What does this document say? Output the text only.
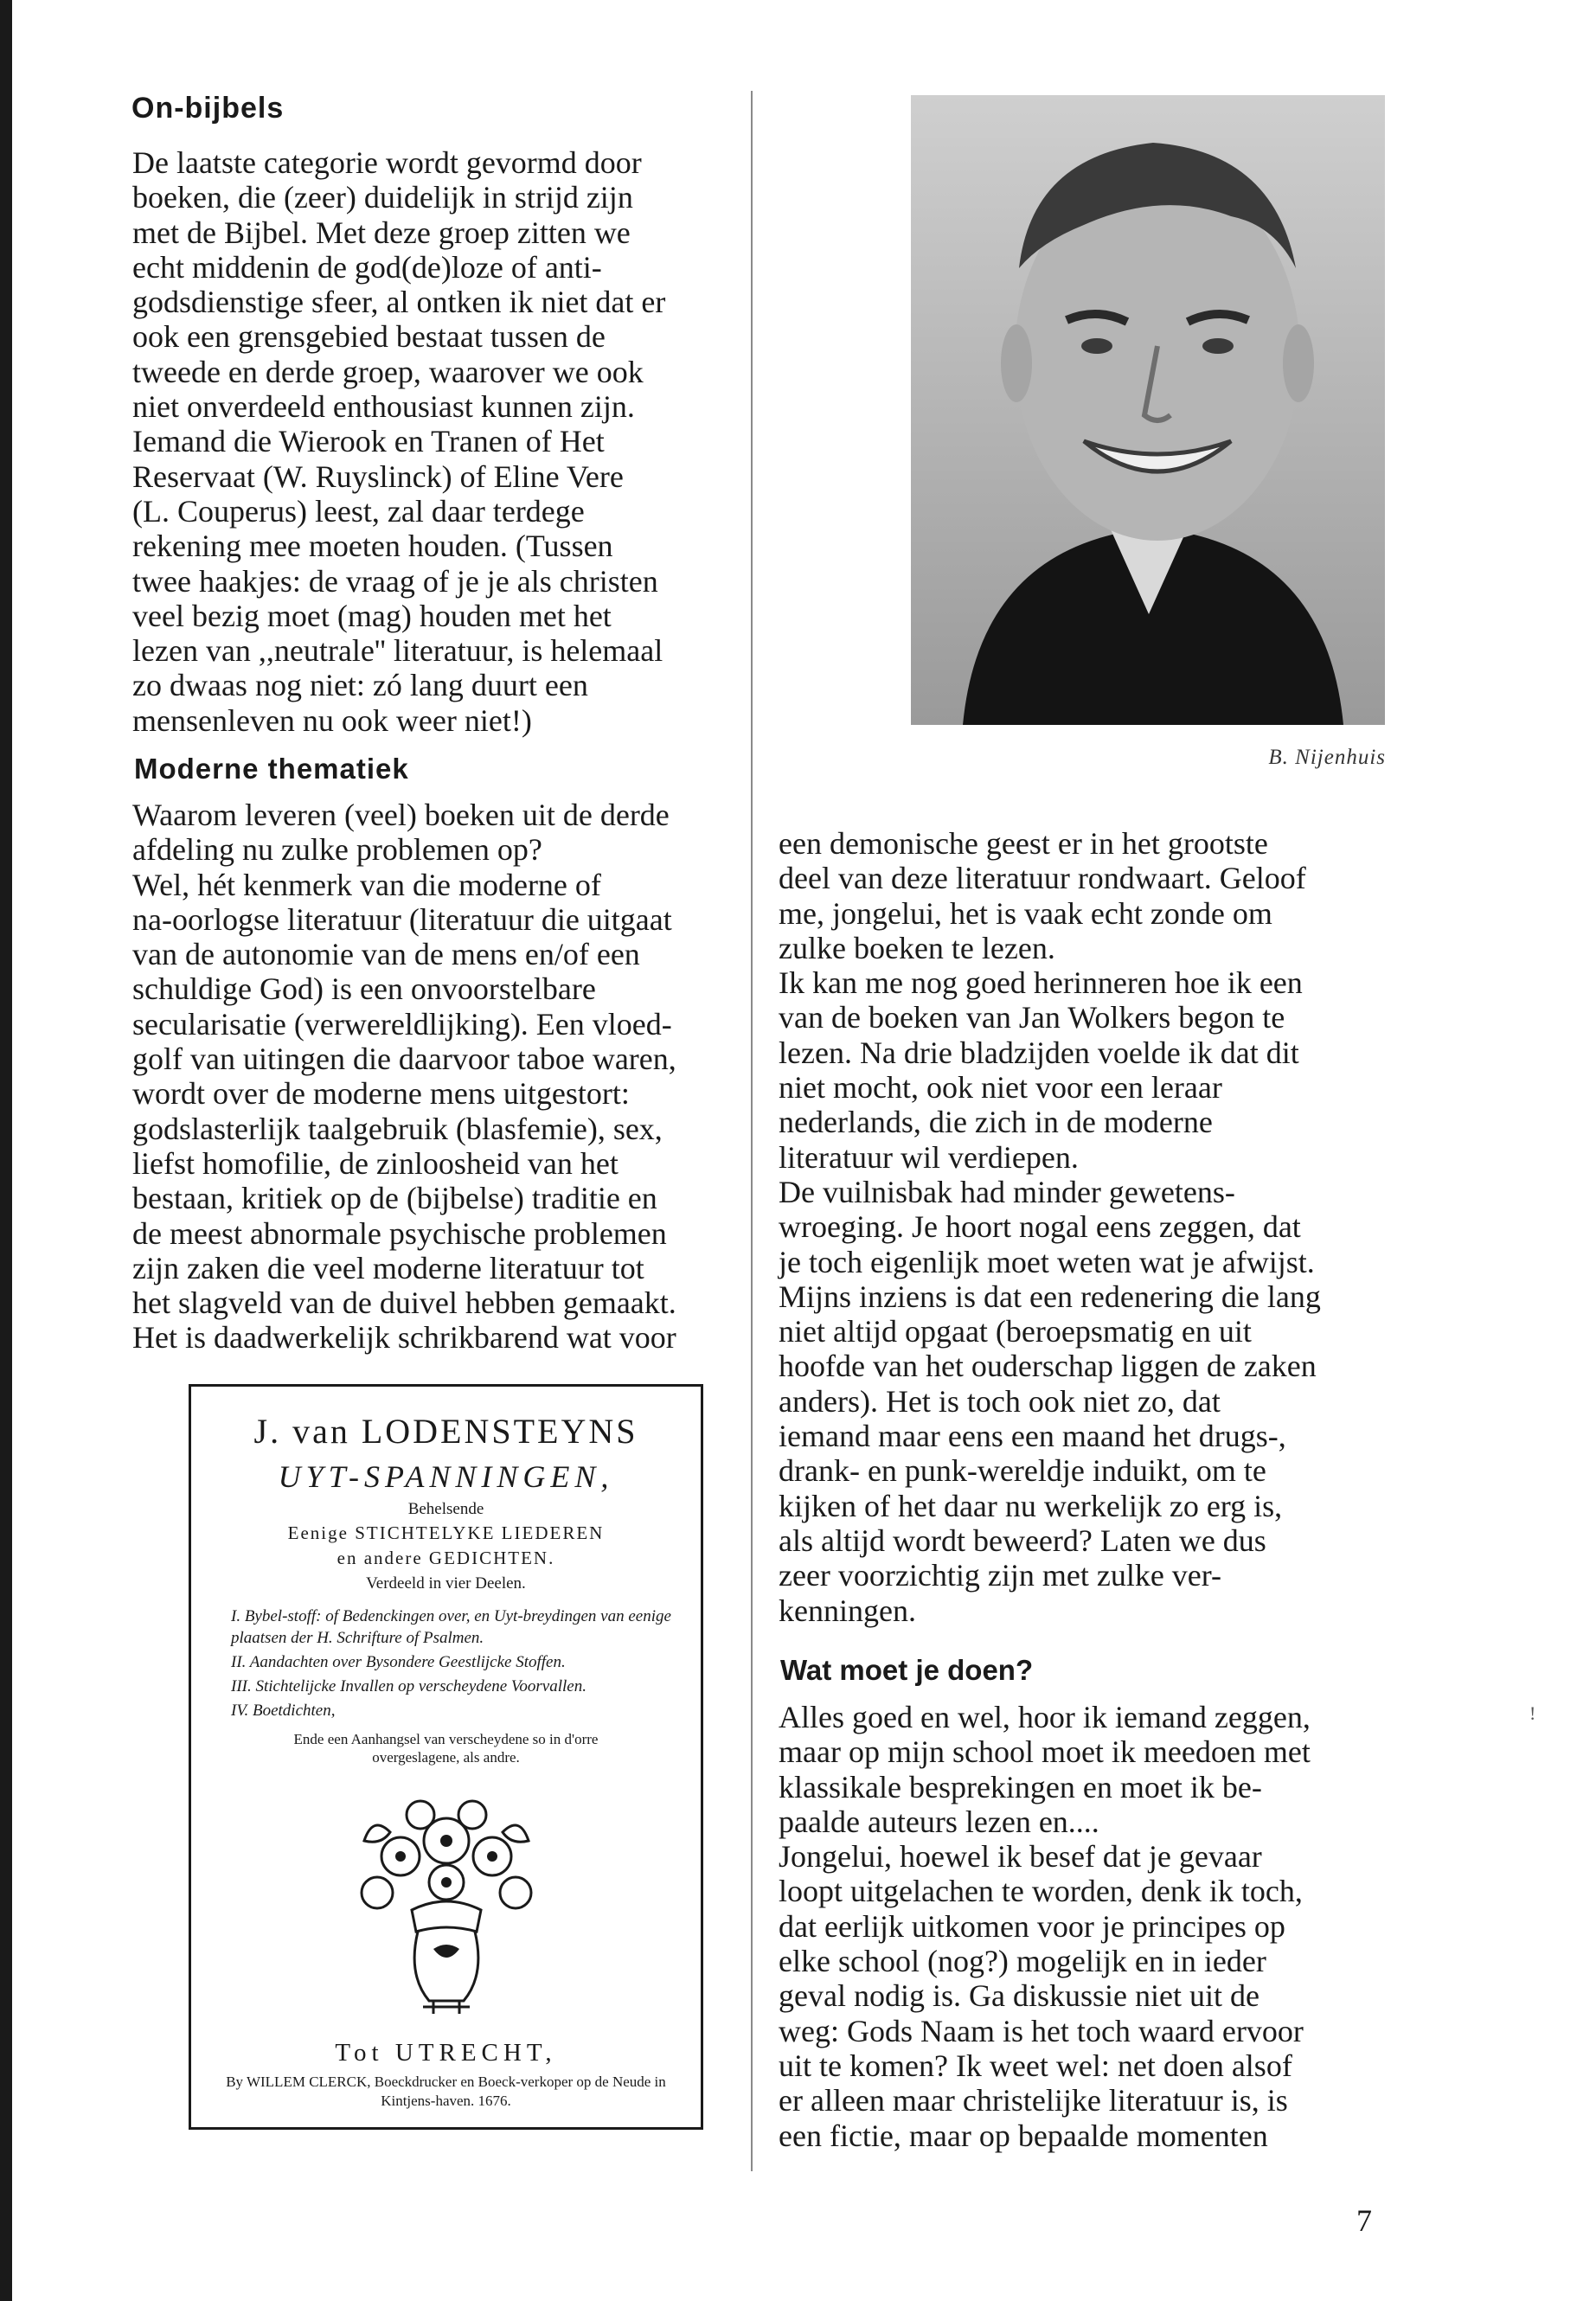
On-bijbels

De laatste categorie wordt gevormd door
boeken, die (zeer) duidelijk in strijd zijn
met de Bijbel. Met deze groep zitten we
echt middenin de god(de)loze of anti-
godsdienstige sfeer, al ontken ik niet dat er
ook een grensgebied bestaat tussen de
tweede en derde groep, waarover we ook
niet onverdeeld enthousiast kunnen zijn.
Iemand die Wierook en Tranen of Het
Reservaat (W. Ruyslinck) of Eline Vere
(L. Couperus) leest, zal daar terdege
rekening mee moeten houden. (Tussen
twee haakjes: de vraag of je je als christen
veel bezig moet (mag) houden met het
lezen van ,,neutrale'' literatuur, is helemaal
zo dwaas nog niet: zó lang duurt een
mensenleven nu ook weer niet!)

Moderne thematiek

Waarom leveren (veel) boeken uit de derde
afdeling nu zulke problemen op?
Wel, hét kenmerk van die moderne of
na-oorlogse literatuur (literatuur die uitgaat
van de autonomie van de mens en/of een
schuldige God) is een onvoorstelbare
secularisatie (verwereldlijking). Een vloed-
golf van uitingen die daarvoor taboe waren,
wordt over de moderne mens uitgestort:
godslasterlijk taalgebruik (blasfemie), sex,
liefst homofilie, de zinloosheid van het
bestaan, kritiek op de (bijbelse) traditie en
de meest abnormale psychische problemen
zijn zaken die veel moderne literatuur tot
het slagveld van de duivel hebben gemaakt.
Het is daadwerkelijk schrikbarend wat voor

J. van LODENSTEYNS
UYT-SPANNINGEN,
Behelsende
Eenige STICHTELYKE LIEDEREN
en andere GEDICHTEN.
Verdeeld in vier Deelen.
I. Bybel-stoff: of Bedenckingen over, en Uyt-breydingen van eenige plaatsen der H. Schrifture of Psalmen.
II. Aandachten over Bysondere Geestlijcke Stoffen.
III. Stichtelijcke Invallen op verscheydene Voorvallen.
IV. Boetdichten,
Ende een Aanhangsel van verscheydene so in d'orre overgeslagene, als andre.
Tot UTRECHT,
By WILLEM CLERCK, Boeckdrucker en Boeck-verkoper op de Neude in Kintjens-haven. 1676.
B. Nijenhuis

een demonische geest er in het grootste
deel van deze literatuur rondwaart. Geloof
me, jongelui, het is vaak echt zonde om
zulke boeken te lezen.
Ik kan me nog goed herinneren hoe ik een
van de boeken van Jan Wolkers begon te
lezen. Na drie bladzijden voelde ik dat dit
niet mocht, ook niet voor een leraar
nederlands, die zich in de moderne
literatuur wil verdiepen.
De vuilnisbak had minder gewetens-
wroeging. Je hoort nogal eens zeggen, dat
je toch eigenlijk moet weten wat je afwijst.
Mijns inziens is dat een redenering die lang
niet altijd opgaat (beroepsmatig en uit
hoofde van het ouderschap liggen de zaken
anders). Het is toch ook niet zo, dat
iemand maar eens een maand het drugs-,
drank- en punk-wereldje induikt, om te
kijken of het daar nu werkelijk zo erg is,
als altijd wordt beweerd? Laten we dus
zeer voorzichtig zijn met zulke ver-
kenningen.

Wat moet je doen?

Alles goed en wel, hoor ik iemand zeggen,
maar op mijn school moet ik meedoen met
klassikale besprekingen en moet ik be-
paalde auteurs lezen en....
Jongelui, hoewel ik besef dat je gevaar
loopt uitgelachen te worden, denk ik toch,
dat eerlijk uitkomen voor je principes op
elke school (nog?) mogelijk en in ieder
geval nodig is. Ga diskussie niet uit de
weg: Gods Naam is het toch waard ervoor
uit te komen? Ik weet wel: net doen alsof
er alleen maar christelijke literatuur is, is
een fictie, maar op bepaalde momenten

!
7
